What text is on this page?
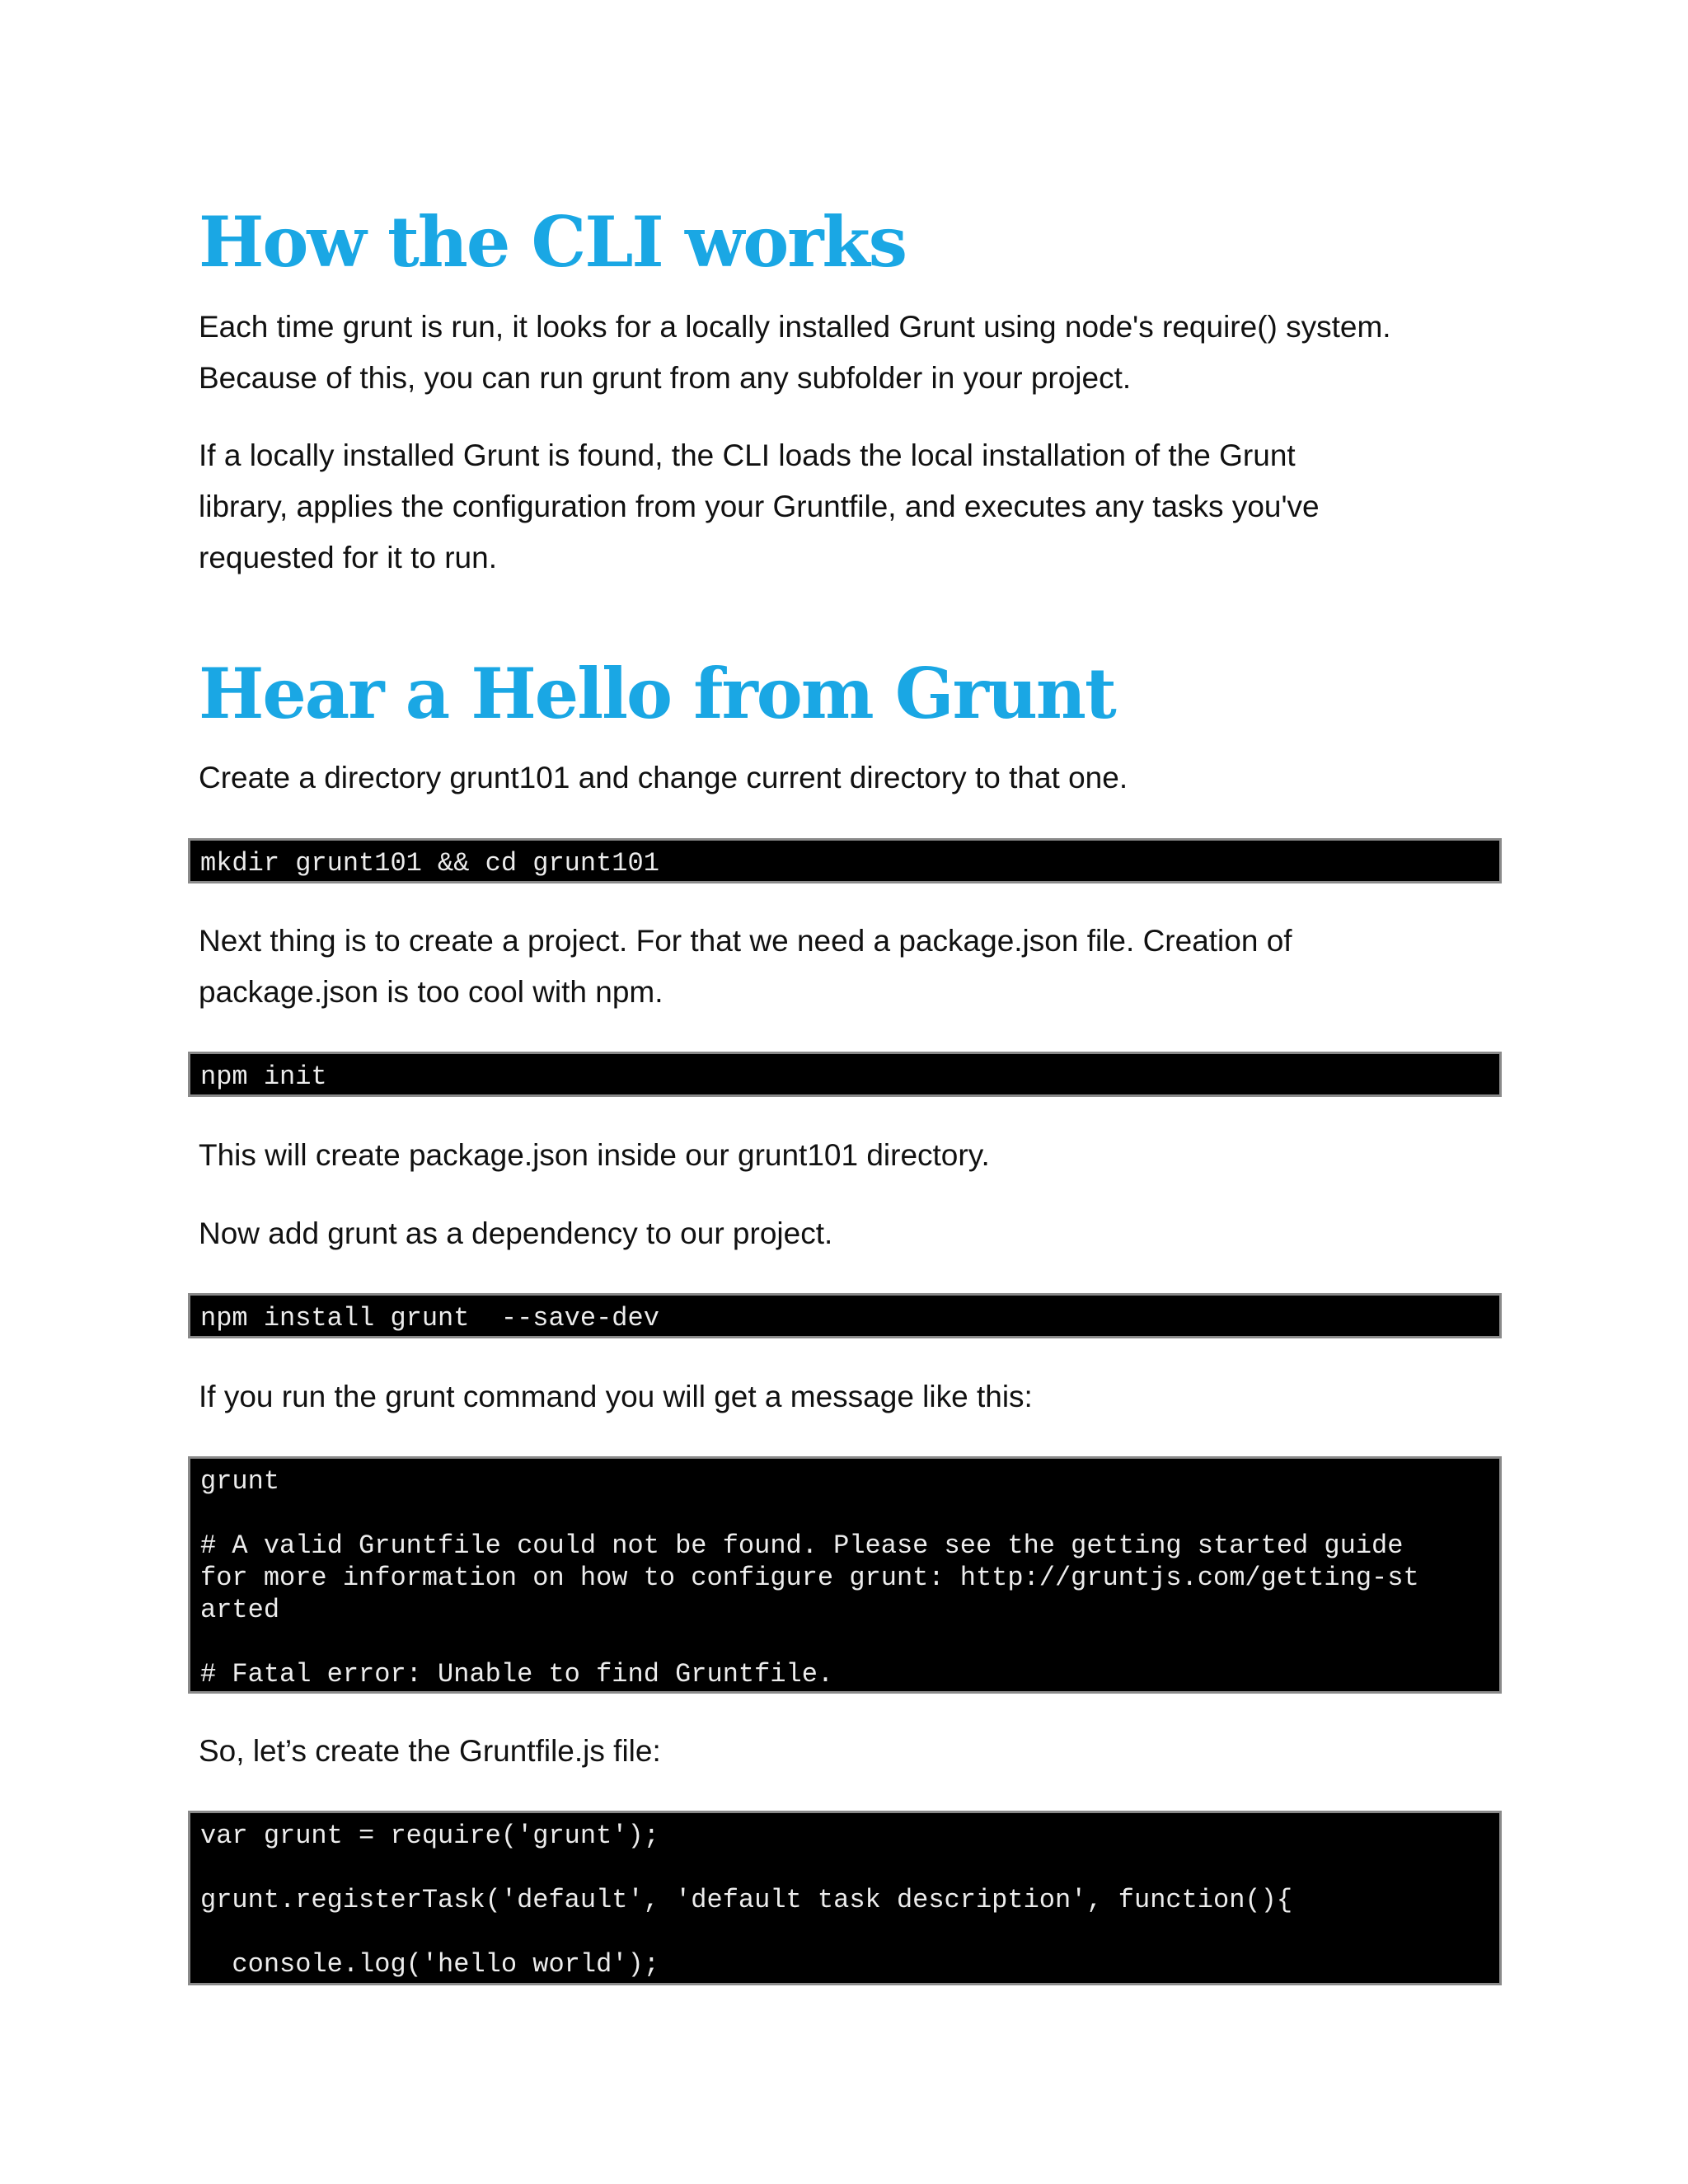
How the CLI works

Each time grunt is run, it looks for a locally installed Grunt using node's require() system.

Because of this, you can run grunt from any subfolder in your project.

If a locally installed Grunt is found, the CLI loads the local installation of the Grunt

library, applies the configuration from your Gruntfile, and executes any tasks you've

requested for it to run.

Hear a Hello from Grunt

Create a directory grunt101 and change current directory to that one.

mkdir grunt101 && cd grunt101

Next thing is to create a project. For that we need a package.json file. Creation of

package.json is too cool with npm.

npm init

This will create package.json inside our grunt101 directory.

Now add grunt as a dependency to our project.

npm install grunt  --save-dev

If you run the grunt command you will get a message like this:

grunt

# A valid Gruntfile could not be found. Please see the getting started guide
for more information on how to configure grunt: http://gruntjs.com/getting-st
arted

# Fatal error: Unable to find Gruntfile.

So, let’s create the Gruntfile.js file:

var grunt = require('grunt');

grunt.registerTask('default', 'default task description', function(){

console.log('hello world');
